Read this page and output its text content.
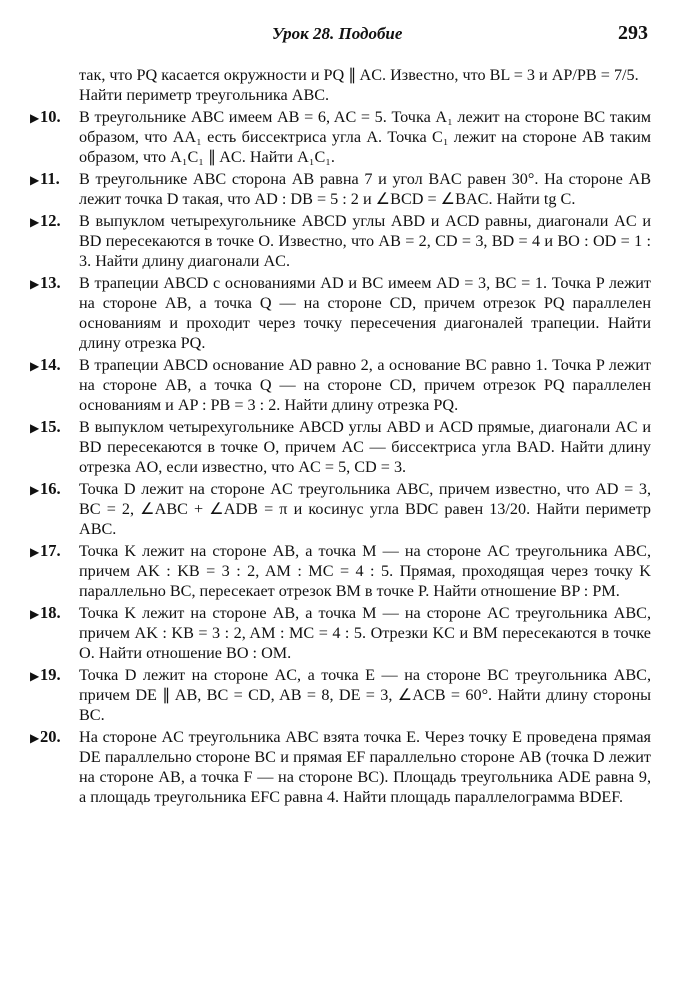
Урок 28. Подобие	293
так, что PQ касается окружности и PQ ∥ AC. Известно, что BL = 3 и AP/PB = 7/5. Найти периметр треугольника ABC.
▶ 10.	В треугольнике ABC имеем AB = 6, AC = 5. Точка A₁ лежит на стороне BC таким образом, что AA₁ есть биссектриса угла A. Точка C₁ лежит на стороне AB таким образом, что A₁C₁ ∥ AC. Найти A₁C₁.
▶ 11.	В треугольнике ABC сторона AB равна 7 и угол BAC равен 30°. На стороне AB лежит точка D такая, что AD : DB = 5 : 2 и ∠BCD = ∠BAC. Найти tg C.
▶ 12.	В выпуклом четырехугольнике ABCD углы ABD и ACD равны, диагонали AC и BD пересекаются в точке O. Известно, что AB = 2, CD = 3, BD = 4 и BO : OD = 1 : 3. Найти длину диагонали AC.
▶ 13.	В трапеции ABCD с основаниями AD и BC имеем AD = 3, BC = 1. Точка P лежит на стороне AB, а точка Q — на стороне CD, причем отрезок PQ параллелен основаниям и проходит через точку пересечения диагоналей трапеции. Найти длину отрезка PQ.
▶ 14.	В трапеции ABCD основание AD равно 2, а основание BC равно 1. Точка P лежит на стороне AB, а точка Q — на стороне CD, причем отрезок PQ параллелен основаниям и AP : PB = 3 : 2. Найти длину отрезка PQ.
▶ 15.	В выпуклом четырехугольнике ABCD углы ABD и ACD прямые, диагонали AC и BD пересекаются в точке O, причем AC — биссектриса угла BAD. Найти длину отрезка AO, если известно, что AC = 5, CD = 3.
▶ 16.	Точка D лежит на стороне AC треугольника ABC, причем известно, что AD = 3, BC = 2, ∠ABC + ∠ADB = π и косинус угла BDC равен 13/20. Найти периметр ABC.
▶ 17.	Точка K лежит на стороне AB, а точка M — на стороне AC треугольника ABC, причем AK : KB = 3 : 2, AM : MC = 4 : 5. Прямая, проходящая через точку K параллельно BC, пересекает отрезок BM в точке P. Найти отношение BP : PM.
▶ 18.	Точка K лежит на стороне AB, а точка M — на стороне AC треугольника ABC, причем AK : KB = 3 : 2, AM : MC = 4 : 5. Отрезки KC и BM пересекаются в точке O. Найти отношение BO : OM.
▶ 19.	Точка D лежит на стороне AC, а точка E — на стороне BC треугольника ABC, причем DE ∥ AB, BC = CD, AB = 8, DE = 3, ∠ACB = 60°. Найти длину стороны BC.
▶ 20.	На стороне AC треугольника ABC взята точка E. Через точку E проведена прямая DE параллельно стороне BC и прямая EF параллельно стороне AB (точка D лежит на стороне AB, а точка F — на стороне BC). Площадь треугольника ADE равна 9, а площадь треугольника EFC равна 4. Найти площадь параллелограмма BDEF.
